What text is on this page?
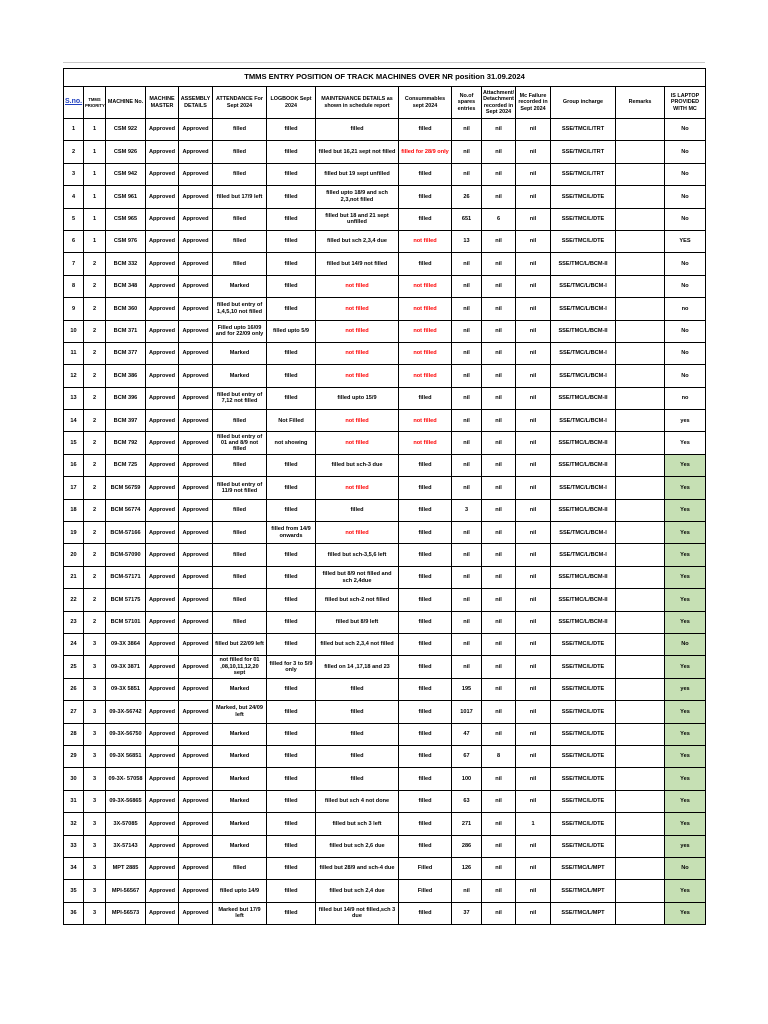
TMMS ENTRY POSITION OF TRACK MACHINES OVER NR position 31.09.2024														
S.no.	TMMS PRIORITY	MACHINE No.	MACHINE MASTER	ASSEMBLY DETAILS	ATTENDANCE For Sept 2024	LOGBOOK Sept 2024	MAINTENANCE DETAILS as shown in schedule report	Consummables sept 2024	No.of spares entries	Attachment/ Detachment recorded in Sept 2024	Mc Failure recorded in Sept 2024	Group incharge	Remarks	IS LAPTOP PROVIDED WITH MC
1	1	CSM 922	Approved	Approved	filled	filled	filled	filled	nil	nil	nil	SSE/TMC/L/TRT		No
2	1	CSM 926	Approved	Approved	filled	filled	filled but 16,21 sept not filled	filled for 28/9 only	nil	nil	nil	SSE/TMC/L/TRT		No
3	1	CSM 942	Approved	Approved	filled	filled	filled but 19 sept unfilled	filled	nil	nil	nil	SSE/TMC/L/TRT		No
4	1	CSM 961	Approved	Approved	filled but 17/9 left	filled	filled upto 18/9 and sch 2,3,not filled	filled	26	nil	nil	SSE/TMC/L/DTE		No
5	1	CSM 965	Approved	Approved	filled	filled	filled but 18 and 21 sept unfilled	filled	651	6	nil	SSE/TMC/L/DTE		No
6	1	CSM 976	Approved	Approved	filled	filled	filled but sch 2,3,4 due	not filled	13	nil	nil	SSE/TMC/L/DTE		YES
7	2	BCM 332	Approved	Approved	filled	filled	filled but 14/9 not filled	filled	nil	nil	nil	SSE/TMC/L/BCM-II		No
8	2	BCM 348	Approved	Approved	Marked	filled	not filled	not filled	nil	nil	nil	SSE/TMC/L/BCM-I		No
9	2	BCM 360	Approved	Approved	filled but entry of 1,4,5,10 not filled	filled	not filled	not filled	nil	nil	nil	SSE/TMC/L/BCM-I		no
10	2	BCM 371	Approved	Approved	Filled upto 16/09 and for 22/09 only	filled upto 5/9	not filled	not filled	nil	nil	nil	SSE/TMC/L/BCM-II		No
11	2	BCM 377	Approved	Approved	Marked	filled	not filled	not filled	nil	nil	nil	SSE/TMC/L/BCM-I		No
12	2	BCM 386	Approved	Approved	Marked	filled	not filled	not filled	nil	nil	nil	SSE/TMC/L/BCM-I		No
13	2	BCM 396	Approved	Approved	filled but entry of 7,12 not filled	filled	filled upto 15/9	filled	nil	nil	nil	SSE/TMC/L/BCM-II		no
14	2	BCM 397	Approved	Approved	filled	Not Filled	not filled	not filled	nil	nil	nil	SSE/TMC/L/BCM-I		yes
15	2	BCM 792	Approved	Approved	filled but entry of 01 and 8/9 not filled	not showing	not filled	not filled	nil	nil	nil	SSE/TMC/L/BCM-II		Yes
16	2	BCM 725	Approved	Approved	filled	filled	filled but sch-3 due	filled	nil	nil	nil	SSE/TMC/L/BCM-II		Yes
17	2	BCM 56759	Approved	Approved	filled but entry of 11/9 not filled	filled	not filled	filled	nil	nil	nil	SSE/TMC/L/BCM-I		Yes
18	2	BCM 56774	Approved	Approved	filled	filled	filled	filled	3	nil	nil	SSE/TMC/L/BCM-II		Yes
19	2	BCM-57166	Approved	Approved	filled	filled from 14/9 onwards	not filled	filled	nil	nil	nil	SSE/TMC/L/BCM-I		Yes
20	2	BCM-57090	Approved	Approved	filled	filled	filled but sch-3,5,6 left	filled	nil	nil	nil	SSE/TMC/L/BCM-I		Yes
21	2	BCM-57171	Approved	Approved	filled	filled	filled but 8/9 not filled and sch 2,4due	filled	nil	nil	nil	SSE/TMC/L/BCM-II		Yes
22	2	BCM 57175	Approved	Approved	filled	filled	filled but sch-2 not filled	filled	nil	nil	nil	SSE/TMC/L/BCM-II		Yes
23	2	BCM 57101	Approved	Approved	filled	filled	filled but 8/9 left	filled	nil	nil	nil	SSE/TMC/L/BCM-II		Yes
24	3	09-3X 3864	Approved	Approved	filled but 22/09 left	filled	filled but sch 2,3,4 not filled	filled	nil	nil	nil	SSE/TMC/L/DTE		No
25	3	09-3X 3871	Approved	Approved	not filled for 01 ,08,10,11,12,20 sept	filled for 3 to 5/9 only	filled on 14 ,17,18 and 23	filled	nil	nil	nil	SSE/TMC/L/DTE		Yes
26	3	09-3X 5851	Approved	Approved	Marked	filled	filled	filled	195	nil	nil	SSE/TMC/L/DTE		yes
27	3	09-3X-56742	Approved	Approved	Marked, but 24/09 left	filled	filled	filled	1017	nil	nil	SSE/TMC/L/DTE		Yes
28	3	09-3X-56750	Approved	Approved	Marked	filled	filled	filled	47	nil	nil	SSE/TMC/L/DTE		Yes
29	3	09-3X 56851	Approved	Approved	Marked	filled	filled	filled	67	8	nil	SSE/TMC/L/DTE		Yes
30	3	09-3X- 57058	Approved	Approved	Marked	filled	filled	filled	100	nil	nil	SSE/TMC/L/DTE		Yes
31	3	09-3X-56865	Approved	Approved	Marked	filled	filled but sch 4 not done	filled	63	nil	nil	SSE/TMC/L/DTE		Yes
32	3	3X-57085	Approved	Approved	Marked	filled	filled but sch 3 left	filled	271	nil	1	SSE/TMC/L/DTE		Yes
33	3	3X-57143	Approved	Approved	Marked	filled	filled but sch 2,6 due	filled	286	nil	nil	SSE/TMC/L/DTE		yes
34	3	MPT 2885	Approved	Approved	filled	filled	filled but 28/9 and sch-4 due	Filled	126	nil	nil	SSE/TMC/L/MPT		No
35	3	MPI-56567	Approved	Approved	filled upto 14/9	filled	filled but sch 2,4 due	Filled	nil	nil	nil	SSE/TMC/L/MPT		Yes
36	3	MPI-56573	Approved	Approved	Marked but 17/9 left	filled	filled but 14/9 not filled,sch 3 due	filled	37	nil	nil	SSE/TMC/L/MPT		Yes
